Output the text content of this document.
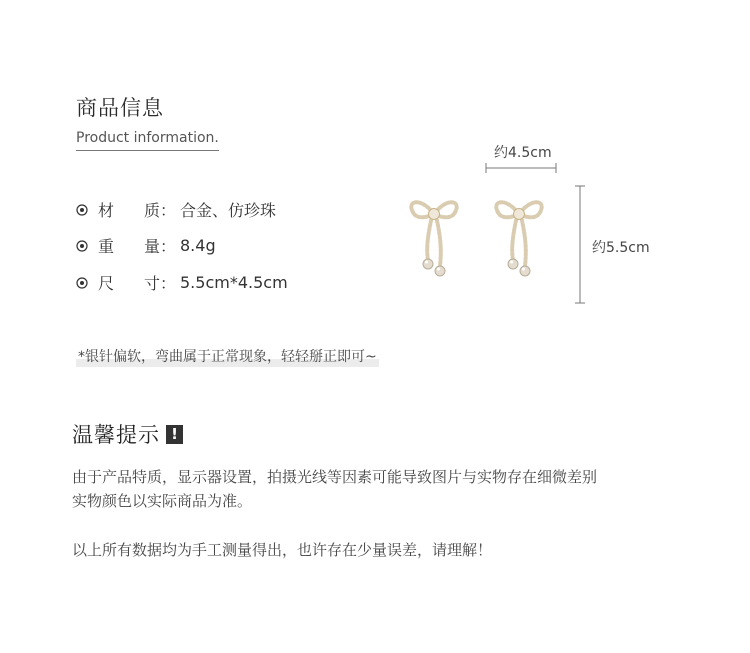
商品信息
Product information.
材	质： 合金、仿珍珠
重	量： 8.4g
尺	寸： 5.5cm*4.5cm
约4.5cm
约5.5cm
*银针偏软，弯曲属于正常现象，轻轻掰正即可~
温馨提示 !
由于产品特质，显示器设置，拍摄光线等因素可能导致图片与实物存在细微差别
实物颜色以实际商品为准。
以上所有数据均为手工测量得出，也许存在少量误差，请理解！
